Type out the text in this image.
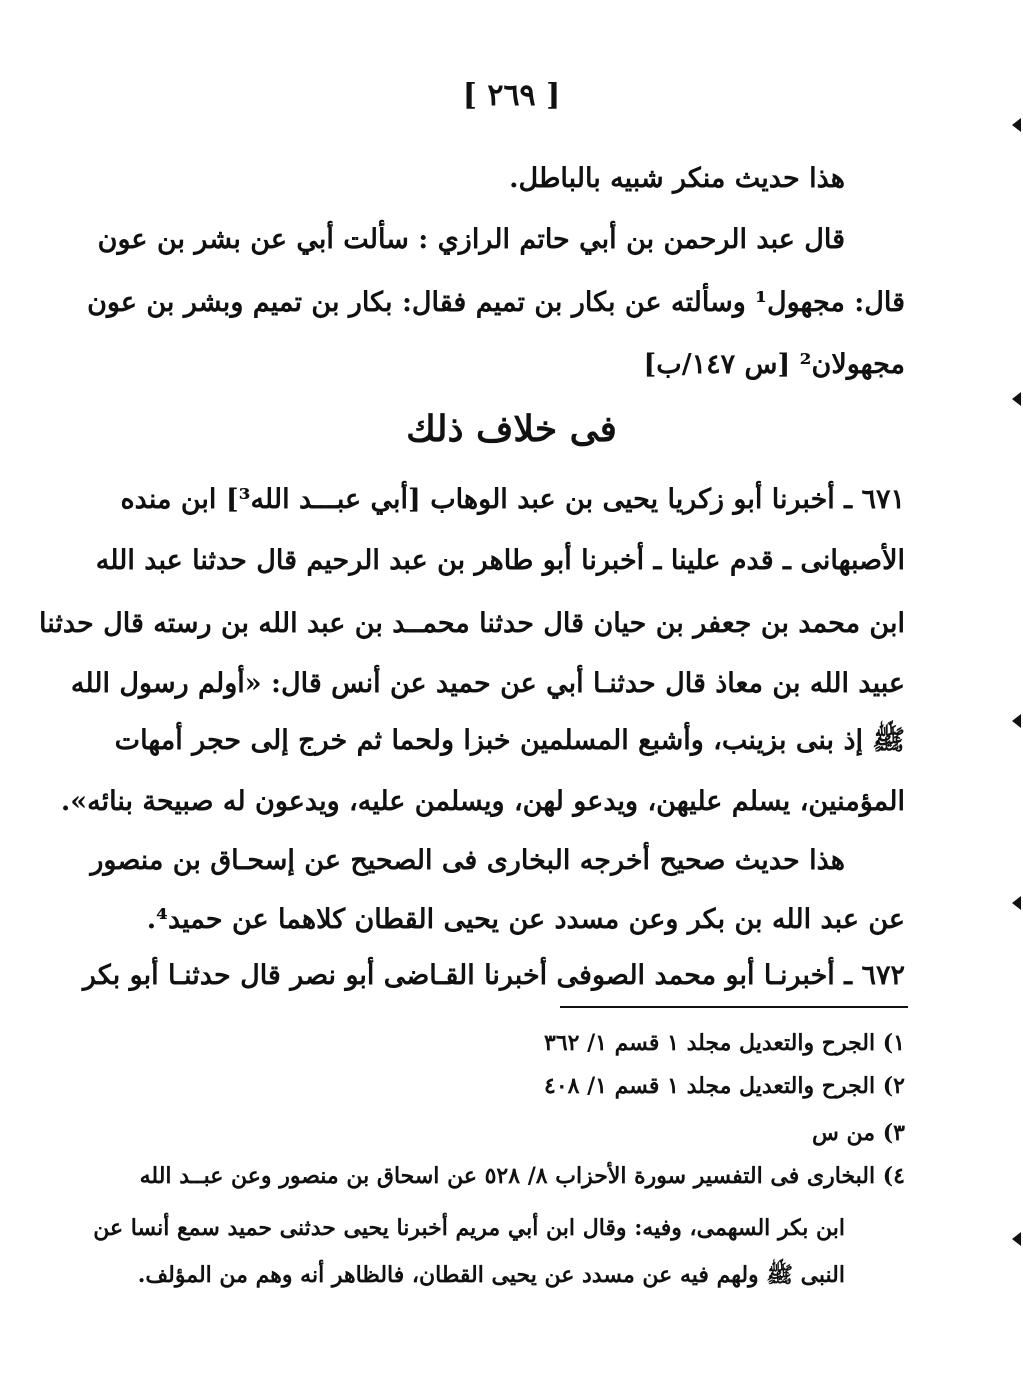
[ ٢٦٩ ]
هذا حديث منكر شبيه بالباطل.
قال عبد الرحمن بن أبي حاتم الرازي : سألت أبي عن بشر بن عون
قال: مجهول¹ وسألته عن بكار بن تميم فقال: بكار بن تميم وبشر بن عون
مجهولان² [س ١٤٧/ب]
فى خلاف ذلك
٦٧١ ـ أخبرنا أبو زكريا يحيى بن عبد الوهاب [أبي عبـــد الله³] ابن منده
الأصبهانى ـ قدم علينا ـ أخبرنا أبو طاهر بن عبد الرحيم قال حدثنا عبد الله
ابن محمد بن جعفر بن حيان قال حدثنا محمــد بن عبد الله بن رسته قال حدثنا
عبيد الله بن معاذ قال حدثنـا أبي عن حميد عن أنس قال: «أولم رسول الله
ﷺ إذ بنى بزينب، وأشبع المسلمين خبزا ولحما ثم خرج إلى حجر أمهات
المؤمنين، يسلم عليهن، ويدعو لهن، ويسلمن عليه، ويدعون له صبيحة بنائه».
هذا حديث صحيح أخرجه البخارى فى الصحيح عن إسحـاق بن منصور
عن عبد الله بن بكر وعن مسدد عن يحيى القطان كلاهما عن حميد⁴.
٦٧٢ ـ أخبرنـا أبو محمد الصوفى أخبرنا القـاضى أبو نصر قال حدثنـا أبو بكر
١) الجرح والتعديل مجلد ١ قسم ١/ ٣٦٢
٢) الجرح والتعديل مجلد ١ قسم ١/ ٤٠٨
٣) من س
٤) البخارى فى التفسير سورة الأحزاب ٨/ ٥٢٨ عن اسحاق بن منصور وعن عبــد الله
ابن بكر السهمى، وفيه: وقال ابن أبي مريم أخبرنا يحيى حدثنى حميد سمع أنسا عن
النبى ﷺ ولهم فيه عن مسدد عن يحيى القطان، فالظاهر أنه وهم من المؤلف.
